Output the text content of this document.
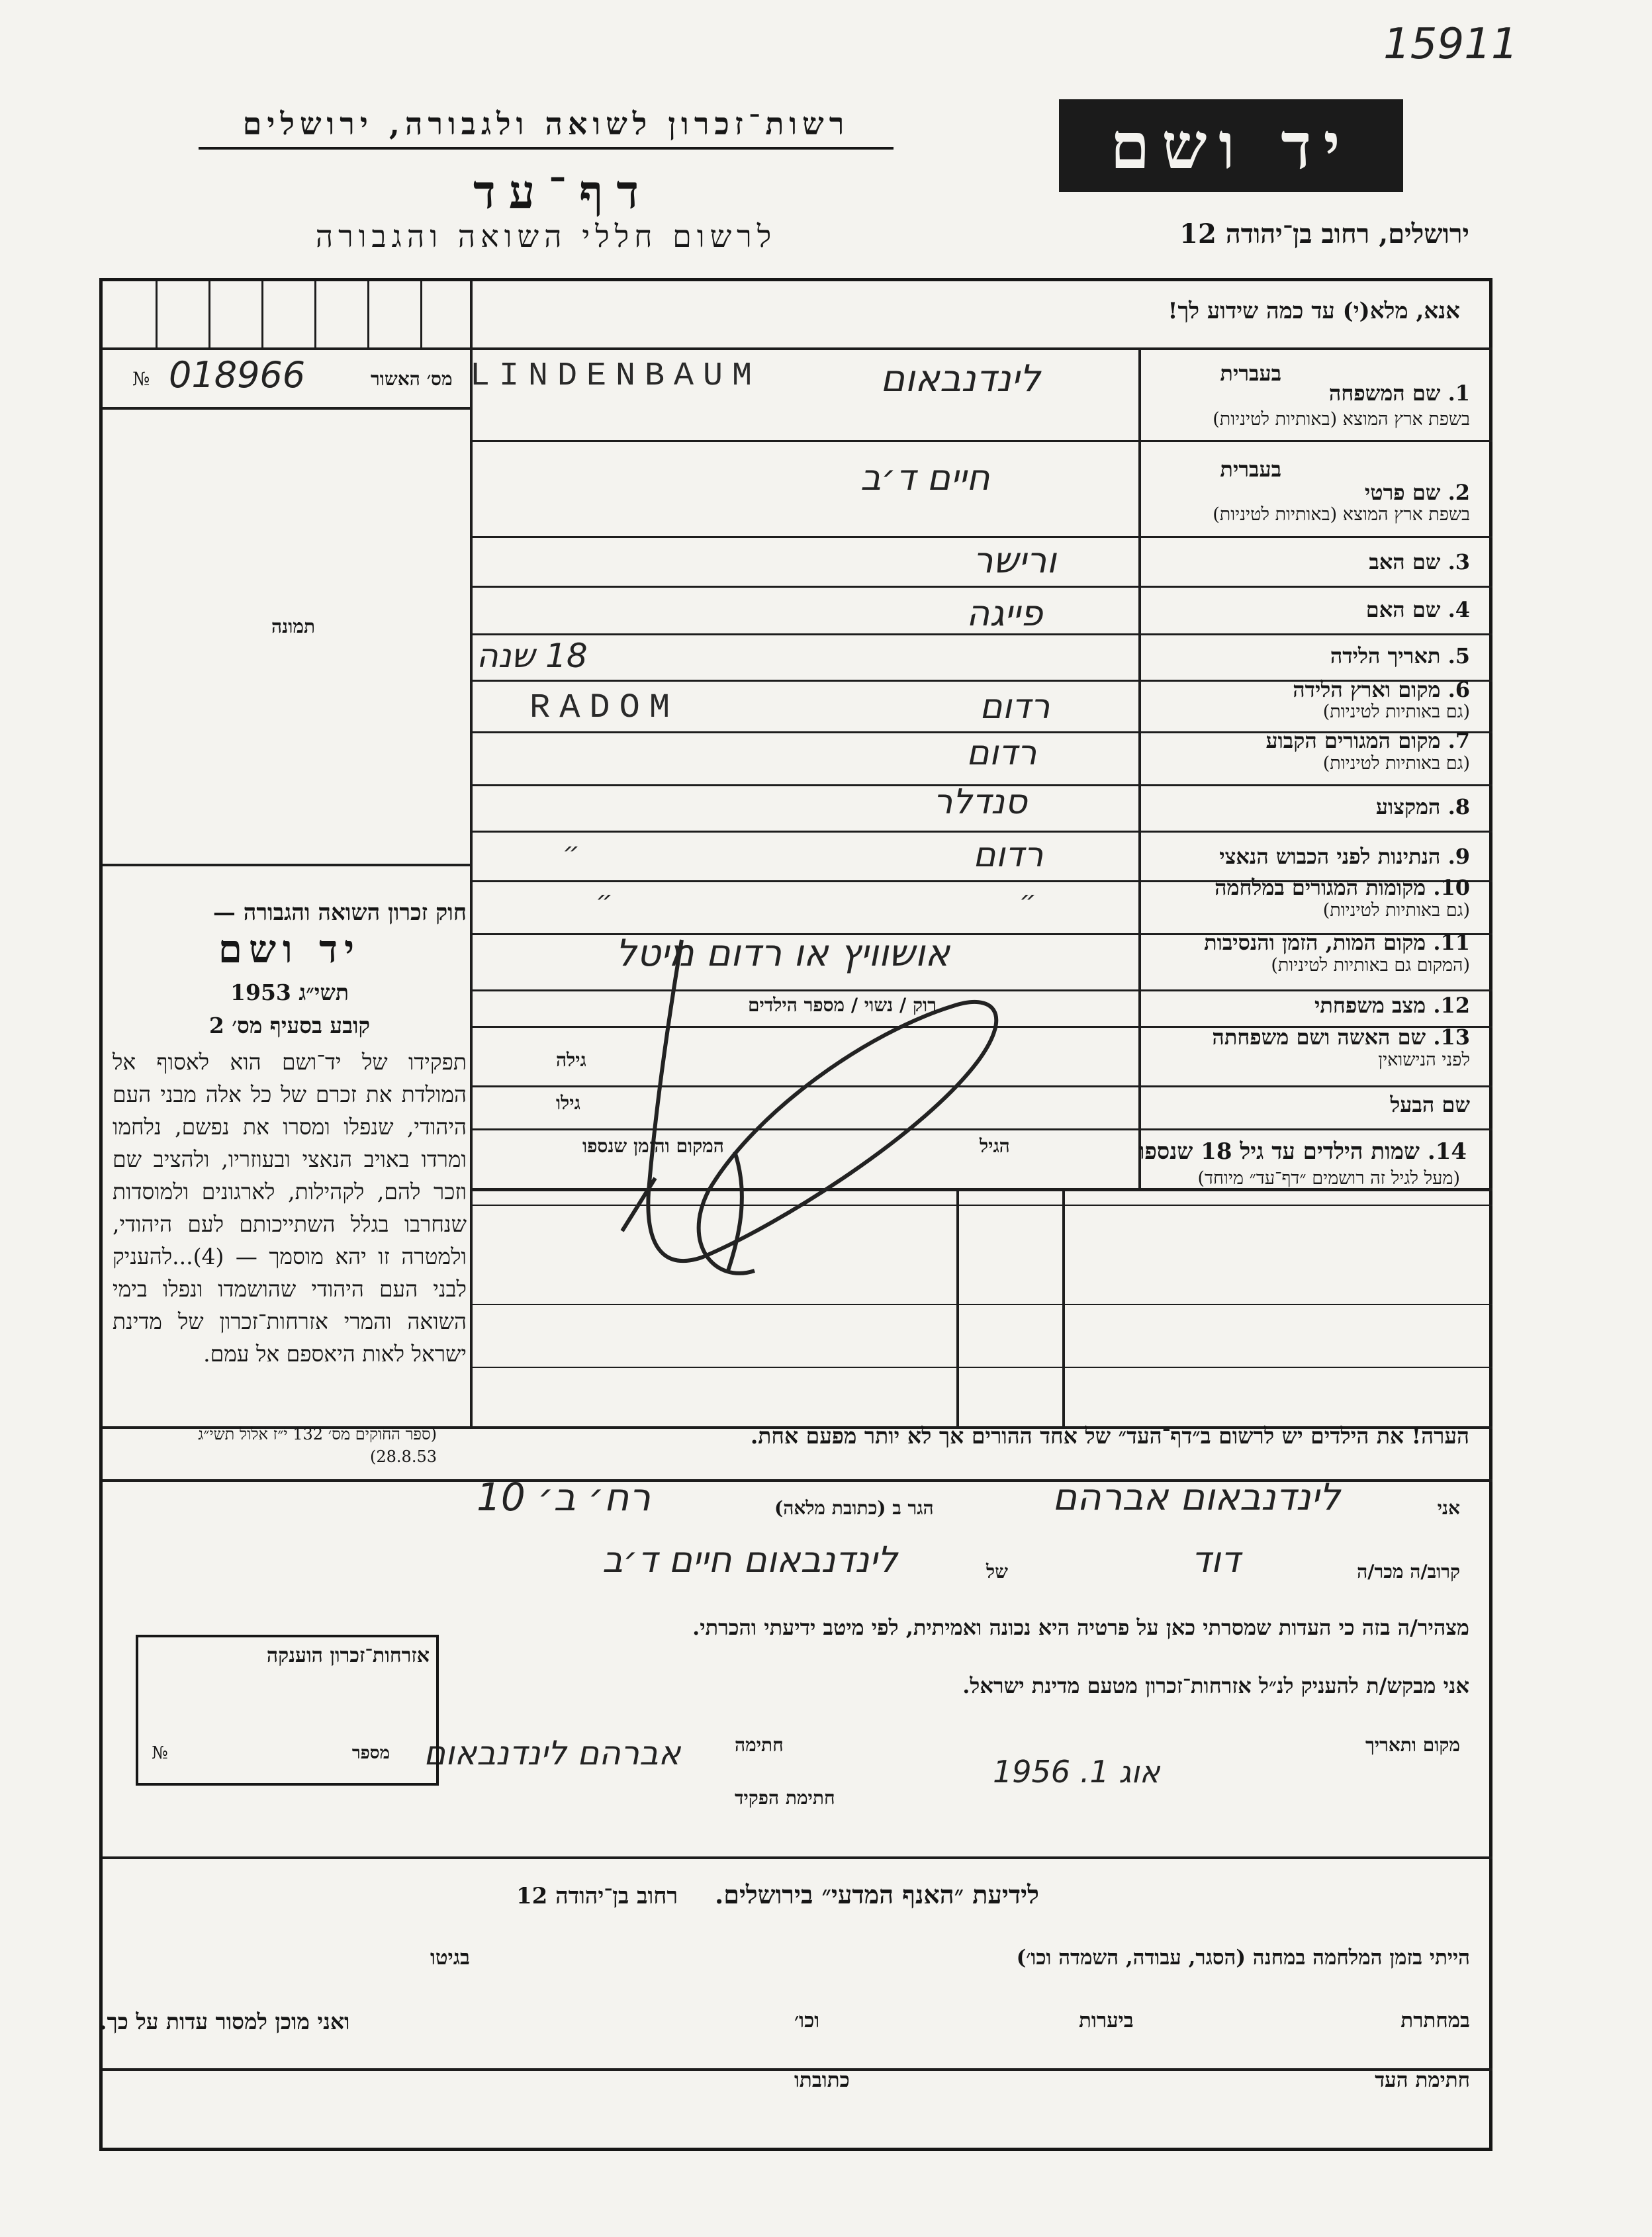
15911
יד ושם
רשות־זכרון לשואה ולגבורה, ירושלים
דף־עד
לרשום חללי השואה והגבורה	ירושלים, רחוב בן־יהודה 12
אנא, מלא(י) עד כמה שידוע לך!
№ 018966	מס׳ האשור
תמונה
1. שם המשפחה
בשפת ארץ המוצא (באותיות לטיניות)
בעברית
2. שם פרטי
בשפת ארץ המוצא (באותיות לטיניות)
בעברית
3. שם האב
4. שם האם
5. תאריך הלידה
6. מקום וארץ הלידה
(גם באותיות לטיניות)
7. מקום המגורים הקבוע
(גם באותיות לטיניות)
8. המקצוע
9. הנתינות לפני הכבוש הנאצי
10. מקומות המגורים במלחמה
(גם באותיות לטיניות)
11. מקום המות, הזמן והנסיבות
(המקום גם באותיות לטיניות)
12. מצב משפחתי
13. שם האשה ושם משפחתה
לפני הנישואין
שם הבעל
לינדנבאום
LINDENBAUM
חיים ד׳ב
ורישר
פייגה
18 שנה
רדום
RADOM
רדום
סנדלר
רדום
״
״
״
אושוויץ או רדום מיטל
רוק / נשוי / מספר הילדים
גילה
גילו
14. שמות הילדים עד גיל 18 שנספו
(מעל לגיל זה רושמים ״דף־עד״ מיוחד)
הגיל
המקום והזמן שנספו
חוק זכרון השואה והגבורה —
יד ושם
תשי״ג 1953
קובע בסעיף מס׳ 2
תפקידו של יד־ושם הוא לאסוף אל המולדת את זכרם של כל אלה מבני העם היהודי, שנפלו ומסרו את נפשם, נלחמו ומרדו באויב הנאצי ובעוזריו, ולהציב שם וזכר להם, לקהילות, לארגונים ולמוסדות שנחרבו בגלל השתייכותם לעם היהודי, ולמטרה זו יהא מוסמך — (4)...להעניק לבני העם היהודי שהושמדו ונפלו בימי השואה והמרי אזרחות־זכרון של מדינת ישראל לאות היאספם אל עמם.
(ספר החוקים מס׳ 132 י״ז אלול תשי״ג 28.8.53)
הערה! את הילדים יש לרשום ב״דף־העד״ של אחד ההורים אך לא יותר מפעם אחת.
אני
לינדנבאום אברהם
הגר ב (כתובת מלאה)
רח׳ ב׳ 10
קרוב/ה מכר/ה
דוד
של
לינדנבאום חיים ד׳ב
מצהיר/ה בזה כי העדות שמסרתי כאן על פרטיה היא נכונה ואמיתית, לפי מיטב ידיעתי והכרתי.
אני מבקש/ת להעניק לנ״ל אזרחות־זכרון מטעם מדינת ישראל.
מקום ותאריך
1956 .אוג 1
חתימה
אברהם לינדנבאום
חתימת הפקיד
אזרחות־זכרון הוענקה
מספר
№
לידיעת ״האנף המדעי״ בירושלים.
רחוב בן־יהודה 12
הייתי בזמן המלחמה במחנה (הסגר, עבודה, השמדה וכו׳)
בגיטו
במחתרת
ביערות
וכו׳
ואני מוכן למסור עדות על כך.
חתימת העד
כתובתו
